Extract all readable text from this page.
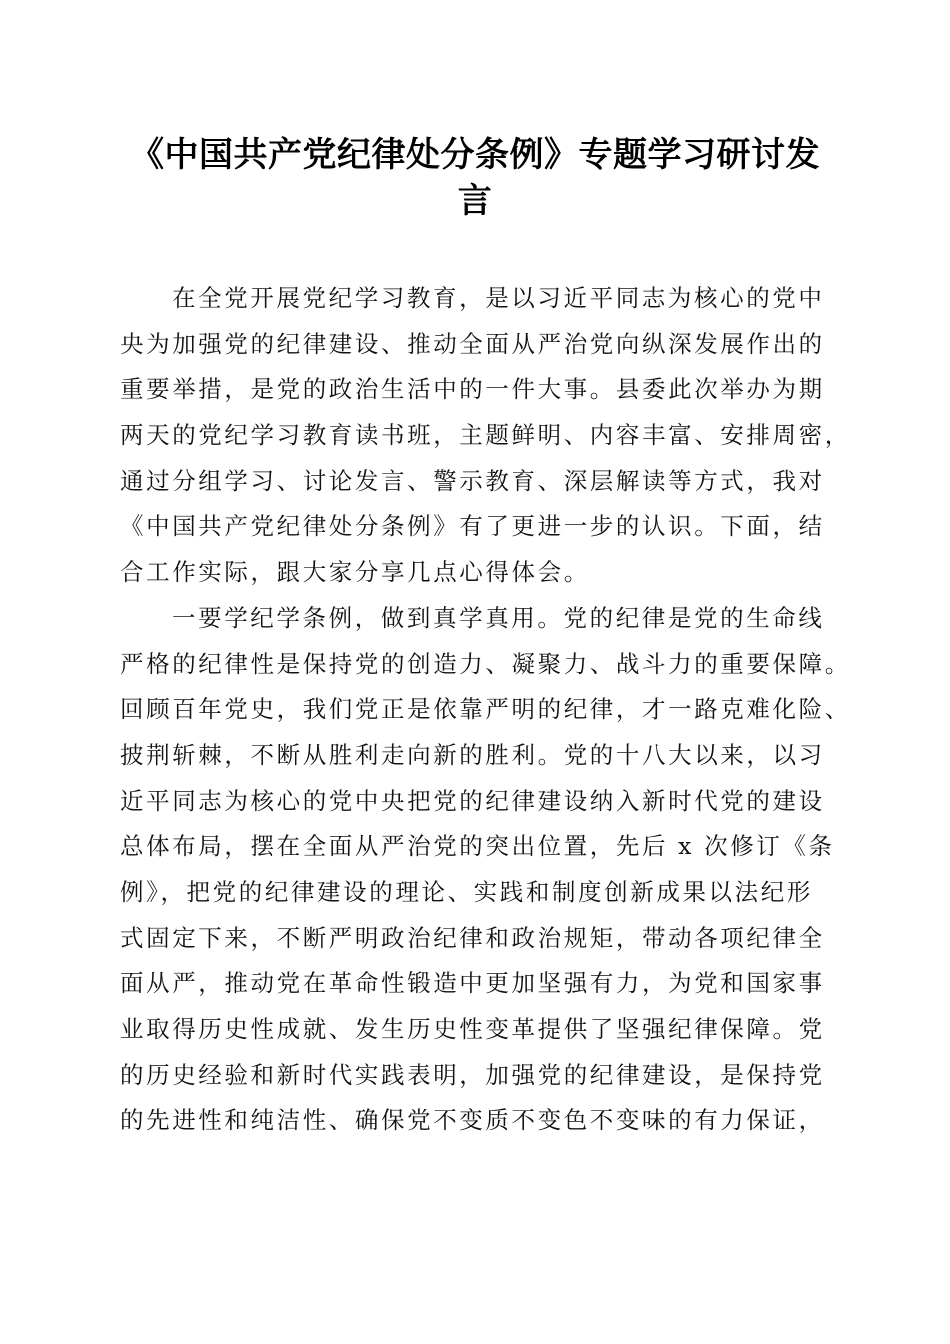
《中国共产党纪律处分条例》专题学习研讨发
言
在全党开展党纪学习教育，是以习近平同志为核心的党中
央为加强党的纪律建设、推动全面从严治党向纵深发展作出的
重要举措，是党的政治生活中的一件大事。县委此次举办为期
两天的党纪学习教育读书班，主题鲜明、内容丰富、安排周密，
通过分组学习、讨论发言、警示教育、深层解读等方式，我对
《中国共产党纪律处分条例》有了更进一步的认识。下面，结
合工作实际，跟大家分享几点心得体会。
一要学纪学条例，做到真学真用。党的纪律是党的生命线
严格的纪律性是保持党的创造力、凝聚力、战斗力的重要保障。
回顾百年党史，我们党正是依靠严明的纪律，才一路克难化险、
披荆斩棘，不断从胜利走向新的胜利。党的十八大以来，以习
近平同志为核心的党中央把党的纪律建设纳入新时代党的建设
总体布局，摆在全面从严治党的突出位置，先后 x 次修订《条
例》，把党的纪律建设的理论、实践和制度创新成果以法纪形
式固定下来，不断严明政治纪律和政治规矩，带动各项纪律全
面从严，推动党在革命性锻造中更加坚强有力，为党和国家事
业取得历史性成就、发生历史性变革提供了坚强纪律保障。党
的历史经验和新时代实践表明，加强党的纪律建设，是保持党
的先进性和纯洁性、确保党不变质不变色不变味的有力保证，
